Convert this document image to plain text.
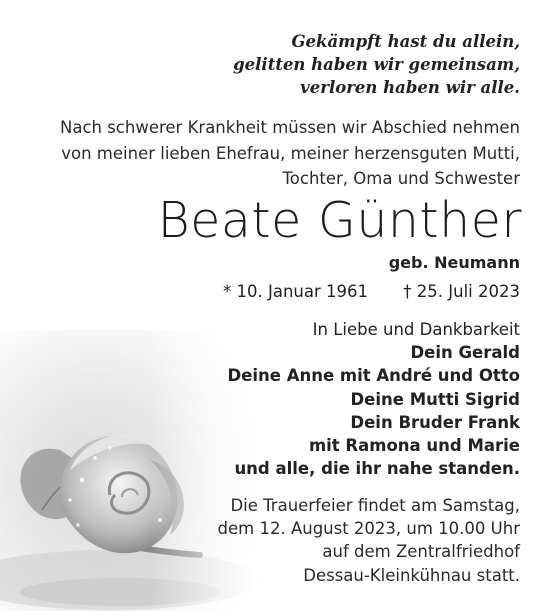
Gekämpft hast du allein,
gelitten haben wir gemeinsam,
verloren haben wir alle.
Nach schwerer Krankheit müssen wir Abschied nehmen
von meiner lieben Ehefrau, meiner herzensguten Mutti,
Tochter, Oma und Schwester
Beate Günther
geb. Neumann
* 10. Januar 1961 † 25. Juli 2023
In Liebe und Dankbarkeit
Dein Gerald
Deine Anne mit André und Otto
Deine Mutti Sigrid
Dein Bruder Frank
mit Ramona und Marie
und alle, die ihr nahe standen.
Die Trauerfeier findet am Samstag,
dem 12. August 2023, um 10.00 Uhr
auf dem Zentralfriedhof
Dessau-Kleinkühnau statt.
